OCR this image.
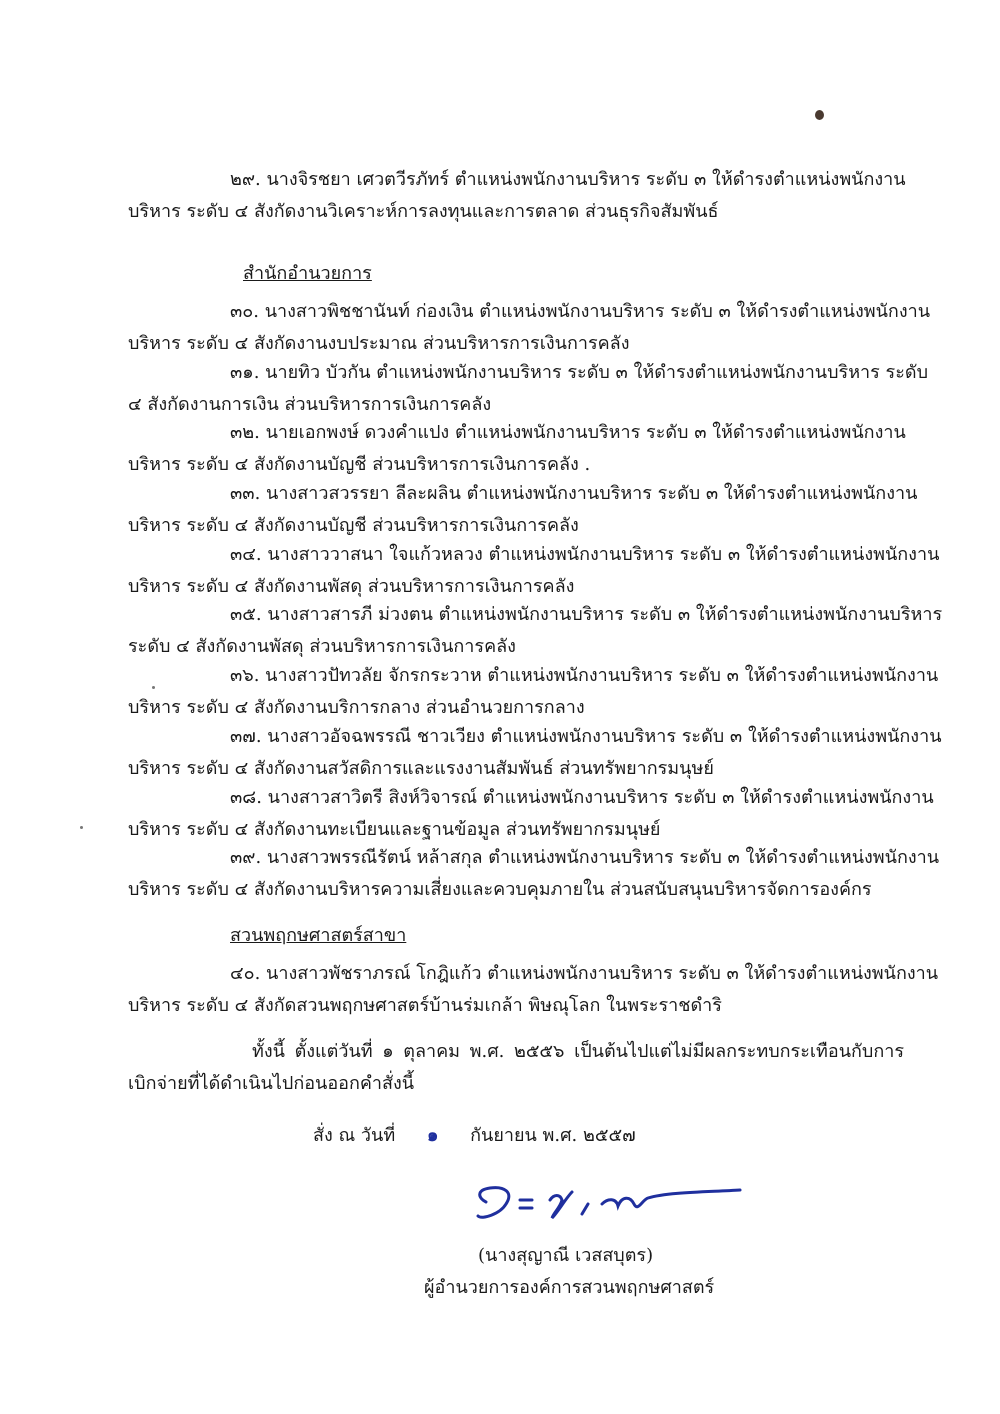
๒๙. นางจิรชยา เศวตวีรภัทร์ ตำแหน่งพนักงานบริหาร ระดับ ๓ ให้ดำรงตำแหน่งพนักงาน
บริหาร ระดับ ๔ สังกัดงานวิเคราะห์การลงทุนและการตลาด ส่วนธุรกิจสัมพันธ์
สำนักอำนวยการ
๓๐. นางสาวพิชชานันท์ ก่องเงิน ตำแหน่งพนักงานบริหาร ระดับ ๓ ให้ดำรงตำแหน่งพนักงาน
บริหาร ระดับ ๔ สังกัดงานงบประมาณ ส่วนบริหารการเงินการคลัง
๓๑. นายทิว บัวกัน ตำแหน่งพนักงานบริหาร ระดับ ๓ ให้ดำรงตำแหน่งพนักงานบริหาร ระดับ
๔ สังกัดงานการเงิน ส่วนบริหารการเงินการคลัง
๓๒. นายเอกพงษ์ ดวงคำแปง ตำแหน่งพนักงานบริหาร ระดับ ๓ ให้ดำรงตำแหน่งพนักงาน
บริหาร ระดับ ๔ สังกัดงานบัญชี ส่วนบริหารการเงินการคลัง .
๓๓. นางสาวสวรรยา ลีละผลิน ตำแหน่งพนักงานบริหาร ระดับ ๓ ให้ดำรงตำแหน่งพนักงาน
บริหาร ระดับ ๔ สังกัดงานบัญชี ส่วนบริหารการเงินการคลัง
๓๔. นางสาววาสนา ใจแก้วหลวง ตำแหน่งพนักงานบริหาร ระดับ ๓ ให้ดำรงตำแหน่งพนักงาน
บริหาร ระดับ ๔ สังกัดงานพัสดุ ส่วนบริหารการเงินการคลัง
๓๕. นางสาวสารภี ม่วงตน ตำแหน่งพนักงานบริหาร ระดับ ๓ ให้ดำรงตำแหน่งพนักงานบริหาร
ระดับ ๔ สังกัดงานพัสดุ ส่วนบริหารการเงินการคลัง
๓๖. นางสาวปัทวลัย จักรกระวาห ตำแหน่งพนักงานบริหาร ระดับ ๓ ให้ดำรงตำแหน่งพนักงาน
บริหาร ระดับ ๔ สังกัดงานบริการกลาง ส่วนอำนวยการกลาง
๓๗. นางสาวอัจฉพรรณี ชาวเวียง ตำแหน่งพนักงานบริหาร ระดับ ๓ ให้ดำรงตำแหน่งพนักงาน
บริหาร ระดับ ๔ สังกัดงานสวัสดิการและแรงงานสัมพันธ์ ส่วนทรัพยากรมนุษย์
๓๘. นางสาวสาวิตรี สิงห์วิจารณ์ ตำแหน่งพนักงานบริหาร ระดับ ๓ ให้ดำรงตำแหน่งพนักงาน
บริหาร ระดับ ๔ สังกัดงานทะเบียนและฐานข้อมูล ส่วนทรัพยากรมนุษย์
๓๙. นางสาวพรรณีรัตน์ หล้าสกุล ตำแหน่งพนักงานบริหาร ระดับ ๓ ให้ดำรงตำแหน่งพนักงาน
บริหาร ระดับ ๔ สังกัดงานบริหารความเสี่ยงและควบคุมภายใน ส่วนสนับสนุนบริหารจัดการองค์กร
สวนพฤกษศาสตร์สาขา
๔๐. นางสาวพัชราภรณ์ โกฎิแก้ว ตำแหน่งพนักงานบริหาร ระดับ ๓ ให้ดำรงตำแหน่งพนักงาน
บริหาร ระดับ ๔ สังกัดสวนพฤกษศาสตร์บ้านร่มเกล้า พิษณุโลก ในพระราชดำริ
ทั้งนี้ ตั้งแต่วันที่ ๑ ตุลาคม พ.ศ. ๒๕๕๖ เป็นต้นไปแต่ไม่มีผลกระทบกระเทือนกับการ
เบิกจ่ายที่ได้ดำเนินไปก่อนออกคำสั่งนี้
สั่ง ณ วันที่ ๑ กันยายน พ.ศ. ๒๕๕๗
(นางสุญาณี เวสสบุตร)
ผู้อำนวยการองค์การสวนพฤกษศาสตร์
